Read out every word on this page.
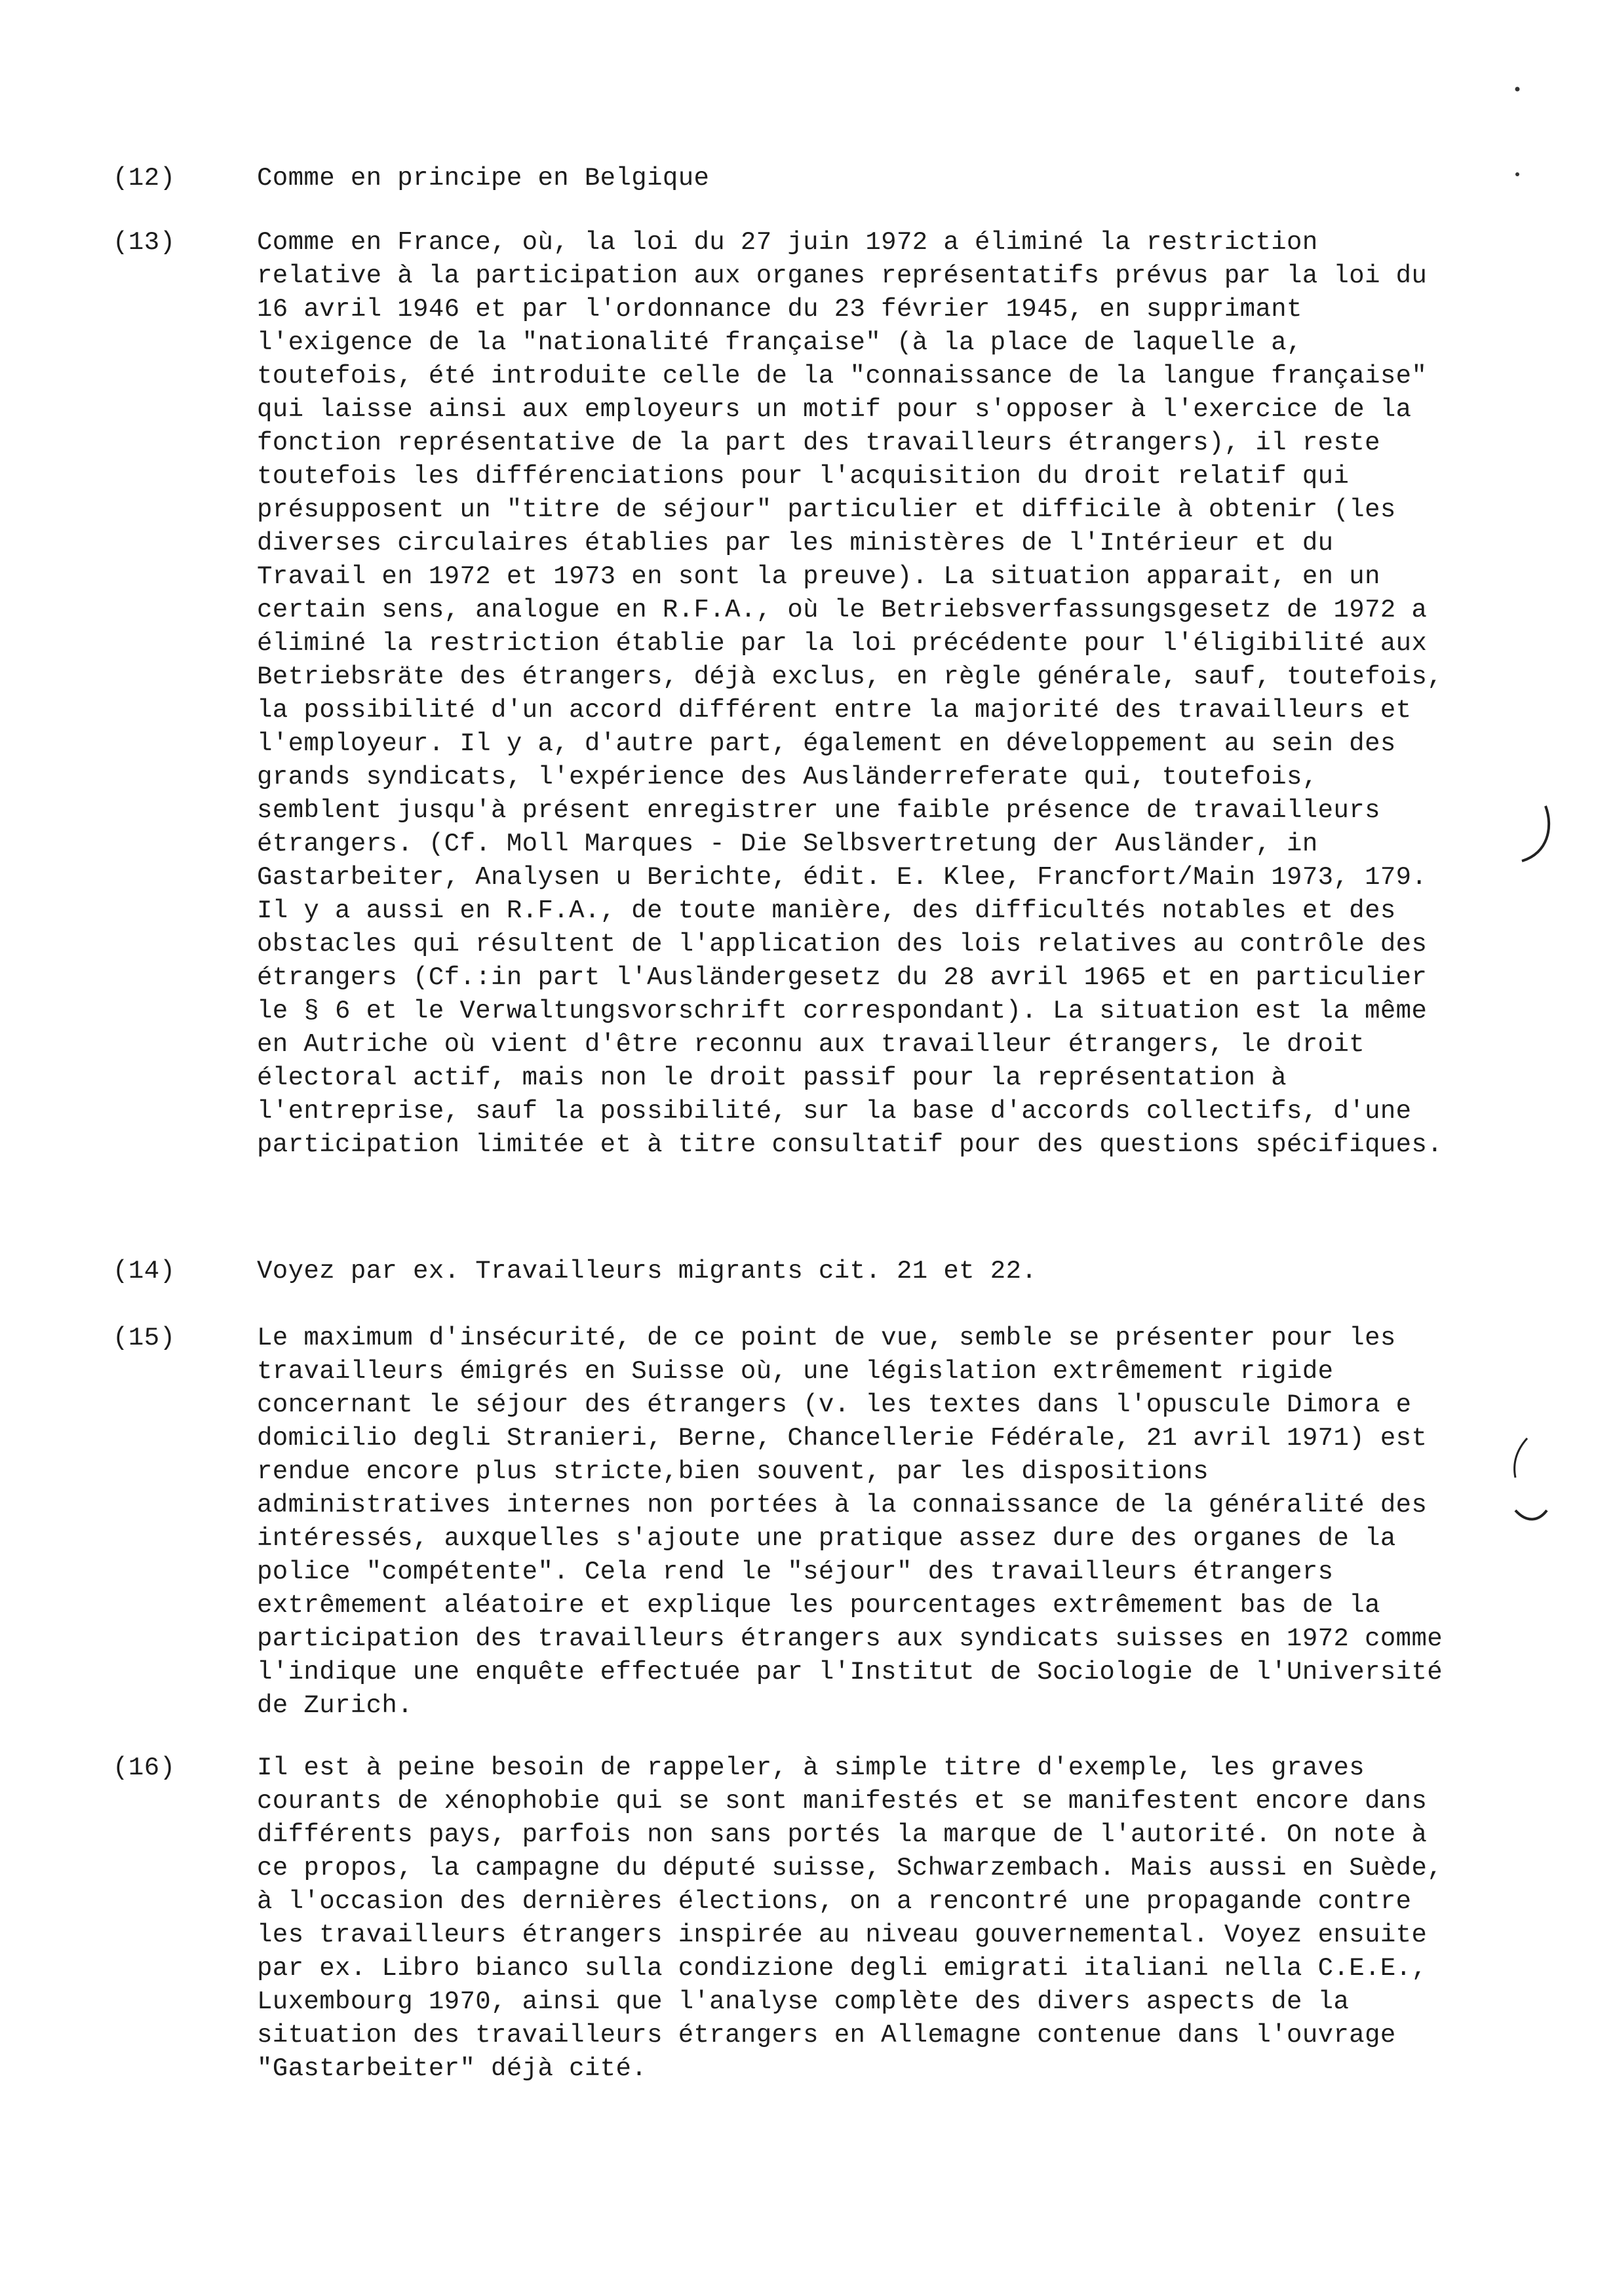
(12)	Comme en principe en Belgique

(13)	Comme en France, où, la loi du 27 juin 1972 a éliminé la restriction relative à la participation aux organes représentatifs prévus par la loi du 16 avril 1946 et par l'ordonnance du 23 février 1945, en supprimant l'exigence de la "nationalité française" (à la place de laquelle a, toutefois, été introduite celle de la "connaissance de la langue française" qui laisse ainsi aux employeurs un motif pour s'opposer à l'exercice de la fonction représentative de la part des travailleurs étrangers), il reste toutefois les différenciations pour l'acquisition du droit relatif qui présupposent un "titre de séjour" particulier et difficile à obtenir (les diverses circulaires établies par les ministères de l'Intérieur et du Travail en 1972 et 1973 en sont la preuve). La situation apparait, en un certain sens, analogue en R.F.A., où le Betriebsverfassungsgesetz de 1972 a éliminé la restriction établie par la loi précédente pour l'éligibilité aux Betriebsräte des étrangers, déjà exclus, en règle générale, sauf, toutefois, la possibilité d'un accord différent entre la majorité des travailleurs et l'employeur. Il y a, d'autre part, également en développement au sein des grands syndicats, l'expérience des Ausländerreferate qui, toutefois, semblent jusqu'à présent enregistrer une faible présence de travailleurs étrangers. (Cf. Moll Marques - Die Selbsvertretung der Ausländer, in Gastarbeiter, Analysen u Berichte, édit. E. Klee, Francfort/Main 1973, 179. Il y a aussi en R.F.A., de toute manière, des difficultés notables et des obstacles qui résultent de l'application des lois relatives au contrôle des étrangers (Cf.:in part l'Ausländergesetz du 28 avril 1965 et en particulier le § 6 et le Verwaltungsvorschrift correspondant). La situation est la même en Autriche où vient d'être reconnu aux travailleur étrangers, le droit électoral actif, mais non le droit passif pour la représentation à l'entreprise, sauf la possibilité, sur la base d'accords collectifs, d'une participation limitée et à titre consultatif pour des questions spécifiques.

(14)	Voyez par ex. Travailleurs migrants cit. 21 et 22.

(15)	Le maximum d'insécurité, de ce point de vue, semble se présenter pour les travailleurs émigrés en Suisse où, une législation extrêmement rigide concernant le séjour des étrangers (v. les textes dans l'opuscule Dimora e domicilio degli Stranieri, Berne, Chancellerie Fédérale, 21 avril 1971) est rendue encore plus stricte,bien souvent, par les dispositions administratives internes non portées à la connaissance de la généralité des intéressés, auxquelles s'ajoute une pratique assez dure des organes de la police "compétente". Cela rend le "séjour" des travailleurs étrangers extrêmement aléatoire et explique les pourcentages extrêmement bas de la participation des travailleurs étrangers aux syndicats suisses en 1972 comme l'indique une enquête effectuée par l'Institut de Sociologie de l'Université de Zurich.

(16)	Il est à peine besoin de rappeler, à simple titre d'exemple, les graves courants de xénophobie qui se sont manifestés et se manifestent encore dans différents pays, parfois non sans portés la marque de l'autorité. On note à ce propos, la campagne du député suisse, Schwarzembach. Mais aussi en Suède, à l'occasion des dernières élections, on a rencontré une propagande contre les travailleurs étrangers inspirée au niveau gouvernemental. Voyez ensuite par ex. Libro bianco sulla condizione degli emigrati italiani nella C.E.E., Luxembourg 1970, ainsi que l'analyse complète des divers aspects de la situation des travailleurs étrangers en Allemagne contenue dans l'ouvrage "Gastarbeiter" déjà cité.
